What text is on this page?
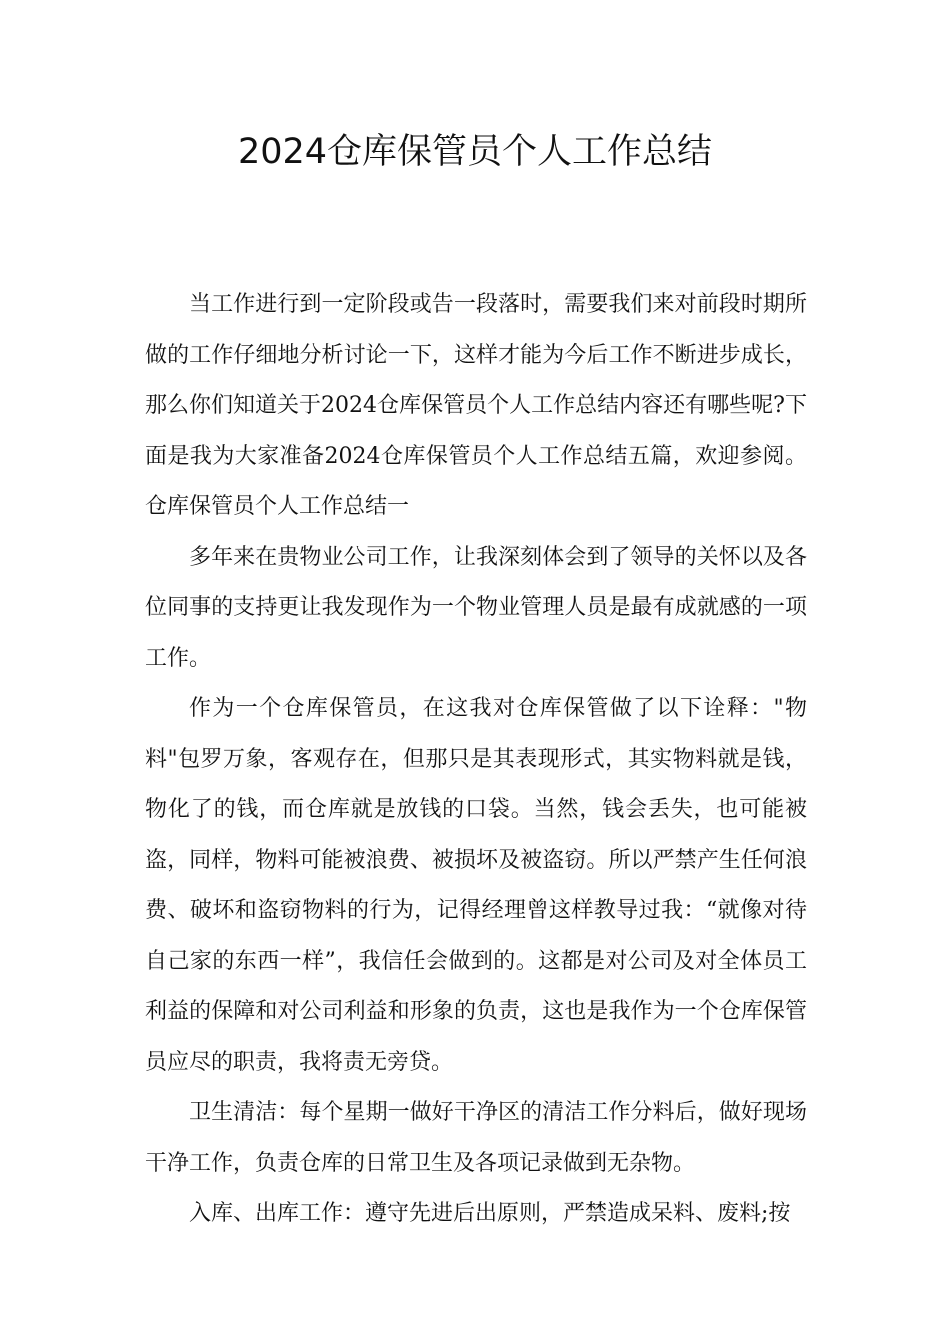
2024仓库保管员个人工作总结

当工作进行到一定阶段或告一段落时，需要我们来对前段时期所做的工作仔细地分析讨论一下，这样才能为今后工作不断进步成长，那么你们知道关于2024仓库保管员个人工作总结内容还有哪些呢?下面是我为大家准备2024仓库保管员个人工作总结五篇，欢迎参阅。仓库保管员个人工作总结一

多年来在贵物业公司工作，让我深刻体会到了领导的关怀以及各位同事的支持更让我发现作为一个物业管理人员是最有成就感的一项工作。

作为一个仓库保管员，在这我对仓库保管做了以下诠释："物料"包罗万象，客观存在，但那只是其表现形式，其实物料就是钱，物化了的钱，而仓库就是放钱的口袋。当然，钱会丢失，也可能被盗，同样，物料可能被浪费、被损坏及被盗窃。所以严禁产生任何浪费、破坏和盗窃物料的行为，记得经理曾这样教导过我：“就像对待自己家的东西一样”，我信任会做到的。这都是对公司及对全体员工利益的保障和对公司利益和形象的负责，这也是我作为一个仓库保管员应尽的职责，我将责无旁贷。

卫生清洁：每个星期一做好干净区的清洁工作分料后，做好现场干净工作，负责仓库的日常卫生及各项记录做到无杂物。

入库、出库工作：遵守先进后出原则，严禁造成呆料、废料;按
